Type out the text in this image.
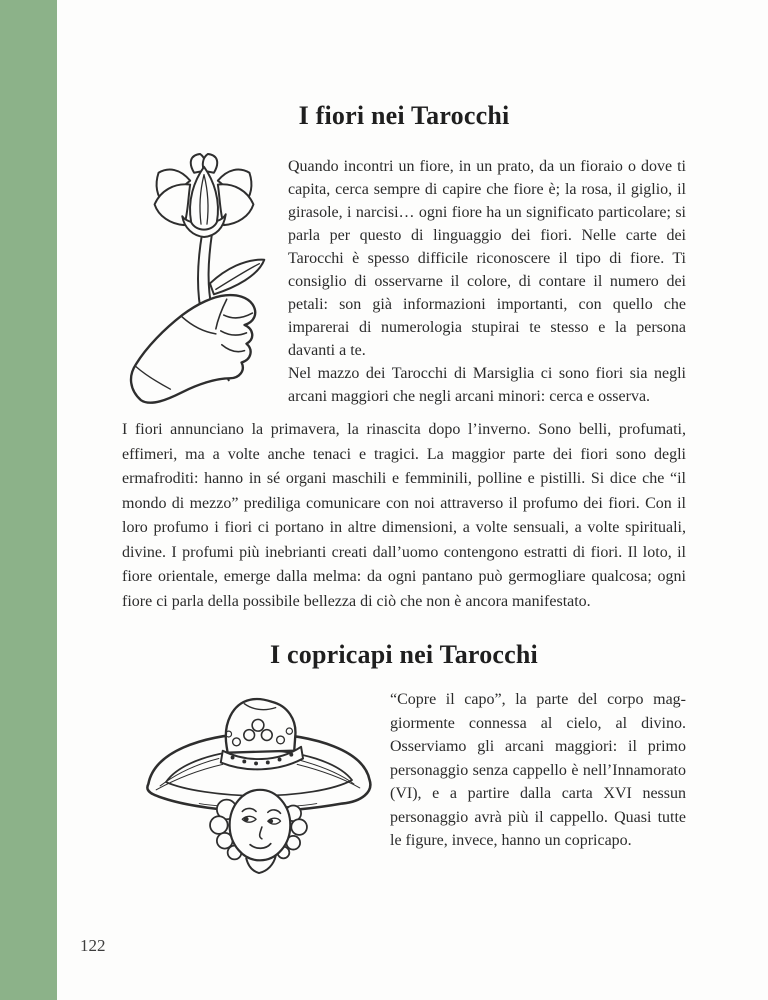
I fiori nei Tarocchi

Quando incontri un fiore, in un prato, da un fioraio o dove ti capita, cerca sempre di capire che fiore è; la rosa, il giglio, il girasole, i narcisi… ogni fiore ha un significato particolare; si parla per questo di linguaggio dei fiori. Nelle carte dei Tarocchi è spesso difficile riconoscere il tipo di fiore. Ti consiglio di osservarne il colore, di contare il numero dei petali: son già informazioni importanti, con quello che imparerai di numerologia stupirai te stesso e la persona davanti a te.

Nel mazzo dei Tarocchi di Marsiglia ci sono fiori sia negli arcani maggiori che negli arcani minori: cerca e osserva.

I fiori annunciano la primavera, la rinascita dopo l’inverno. Sono belli, profumati, effimeri, ma a volte anche tenaci e tragici. La maggior parte dei fiori sono degli ermafroditi: hanno in sé organi maschili e femminili, polline e pistilli. Si dice che “il mondo di mezzo” prediliga comunicare con noi attraverso il profumo dei fiori. Con il loro profumo i fiori ci portano in altre dimensioni, a volte sensuali, a volte spirituali, divine. I profumi più inebrianti creati dall’uomo contengono estratti di fiori. Il loto, il fiore orientale, emerge dalla melma: da ogni pantano può germogliare qualcosa; ogni fiore ci parla della possibile bellezza di ciò che non è ancora manifestato.

I copricapi nei Tarocchi

“Copre il capo”, la parte del corpo maggiormente connessa al cielo, al divino. Osserviamo gli arcani maggiori: il primo personaggio senza cappello è nell’Innamorato (VI), e a partire dalla carta XVI nessun personaggio avrà più il cappello. Quasi tutte le figure, invece, hanno un copricapo.

122
